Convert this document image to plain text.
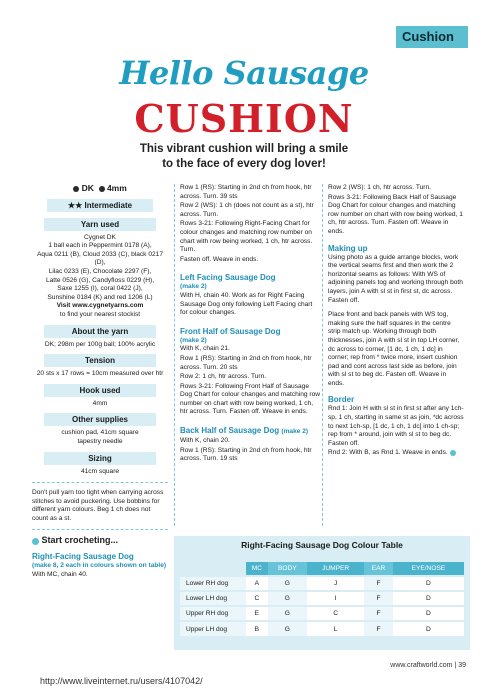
Cushion
Hello Sausage
CUSHION
This vibrant cushion will bring a smile
to the face of every dog lover!
DK 4mm
★★ Intermediate
Yarn used
Cygnet DK
1 ball each in Peppermint 0178 (A),
Aqua 0211 (B), Cloud 2033 (C), black 0217 (D),
Lilac 0233 (E), Chocolate 2297 (F),
Latte 0526 (G), Candyfloss 0229 (H),
Saxe 1255 (I), coral 0422 (J),
Sunshine 0184 (K) and red 1206 (L)
Visit www.cygnetyarns.com
to find your nearest stockist
About the yarn
DK; 298m per 100g ball; 100% acrylic
Tension
20 sts x 17 rows = 10cm measured over htr
Hook used
4mm
Other supplies
cushion pad, 41cm square
tapestry needle
Sizing
41cm square
Don't pull yarn too tight when carrying across stitches to avoid puckering. Use bobbins for different yarn colours. Beg 1 ch does not count as a st.
Start crocheting...
Right-Facing Sausage Dog
(make 8, 2 each in colours shown on table)
With MC, chain 40.
Row 1 (RS): Starting in 2nd ch from hook, htr across. Turn. 39 sts
Row 2 (WS): 1 ch (does not count as a st), htr across. Turn.
Rows 3-21: Following Right-Facing Chart for colour changes and matching row number on chart with row being worked, 1 ch, htr across. Turn.
Fasten off. Weave in ends.
Left Facing Sausage Dog
(make 2)
With H, chain 40. Work as for Right Facing Sausage Dog only following Left Facing chart for colour changes.
Front Half of Sausage Dog
(make 2)
With K, chain 21.
Row 1 (RS): Starting in 2nd ch from hook, htr across. Turn. 20 sts
Row 2: 1 ch, htr across. Turn.
Rows 3-21: Following Front Half of Sausage Dog Chart for colour changes and matching row number on chart with row being worked, 1 ch, htr across. Turn. Fasten off. Weave in ends.
Back Half of Sausage Dog (make 2)
With K, chain 20.
Row 1 (RS): Starting in 2nd ch from hook, htr across. Turn. 19 sts
Row 2 (WS): 1 ch, htr across. Turn.
Rows 3-21: Following Back Half of Sausage Dog Chart for colour changes and matching row number on chart with row being worked, 1 ch, htr across. Turn. Fasten off. Weave in ends.
Making up
Using photo as a guide arrange blocks, work the vertical seams first and then work the 2 horizontal seams as follows: With WS of adjoining panels tog and working through both layers, join A with sl st in first st, dc across. Fasten off.
Place front and back panels with WS tog, making sure the half squares in the centre strip match up. Working through both thicknesses, join A with sl st in top LH corner, dc across to corner, [1 dc, 1 ch, 1 dc] in corner; rep from * twice more, insert cushion pad and cont across last side as before, join with sl st to beg dc. Fasten off. Weave in ends.
Border
Rnd 1: Join H with sl st in first st after any 1ch-sp, 1 ch, starting in same st as join, *dc across to next 1ch-sp, [1 dc, 1 ch, 1 dc] into 1 ch-sp; rep from * around, join with sl st to beg dc. Fasten off.
Rnd 2: With B, as Rnd 1. Weave in ends.
Right-Facing Sausage Dog Colour Table
	MC	BODY	JUMPER	EAR	EYE/NOSE
Lower RH dog	A	G	J	F	D
Lower LH dog	C	G	I	F	D
Upper RH dog	E	G	C	F	D
Upper LH dog	B	G	L	F	D
www.craftworld.com | 39
http://www.liveinternet.ru/users/4107042/
